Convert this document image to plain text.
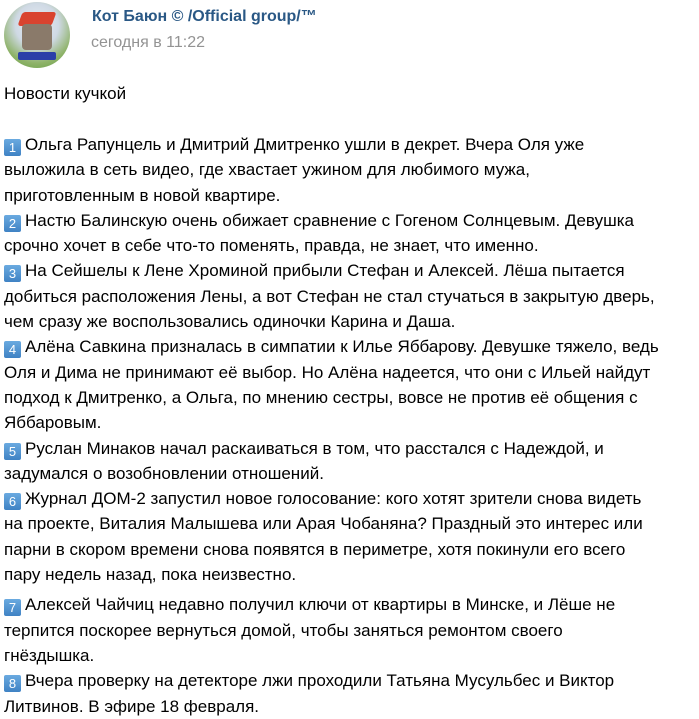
Кот Баюн © /Official group/™
сегодня в 11:22
Новости кучкой
1 Ольга Рапунцель и Дмитрий Дмитренко ушли в декрет. Вчера Оля уже
выложила в сеть видео, где хвастает ужином для любимого мужа,
приготовленным в новой квартире.
2 Настю Балинскую очень обижает сравнение с Гогеном Солнцевым. Девушка
срочно хочет в себе что-то поменять, правда, не знает, что именно.
3 На Сейшелы к Лене Хроминой прибыли Стефан и Алексей. Лёша пытается
добиться расположения Лены, а вот Стефан не стал стучаться в закрытую дверь,
чем сразу же воспользовались одиночки Карина и Даша.
4 Алёна Савкина призналась в симпатии к Илье Яббарову. Девушке тяжело, ведь
Оля и Дима не принимают её выбор. Но Алёна надеется, что они с Ильей найдут
подход к Дмитренко, а Ольга, по мнению сестры, вовсе не против её общения с
Яббаровым.
5 Руслан Минаков начал раскаиваться в том, что расстался с Надеждой, и
задумался о возобновлении отношений.
6 Журнал ДОМ-2 запустил новое голосование: кого хотят зрители снова видеть
на проекте, Виталия Малышева или Арая Чобаняна? Праздный это интерес или
парни в скором времени снова появятся в периметре, хотя покинули его всего
пару недель назад, пока неизвестно.
7 Алексей Чайчиц недавно получил ключи от квартиры в Минске, и Лёше не
терпится поскорее вернуться домой, чтобы заняться ремонтом своего
гнёздышка.
8 Вчера проверку на детекторе лжи проходили Татьяна Мусульбес и Виктор
Литвинов. В эфире 18 февраля.
